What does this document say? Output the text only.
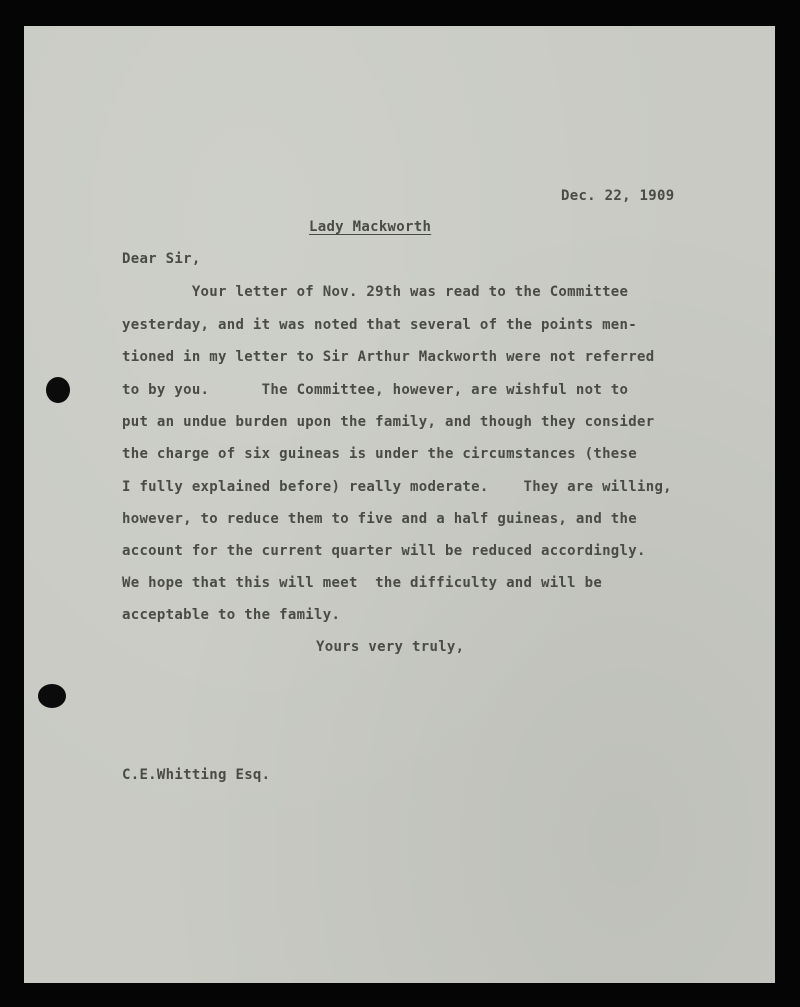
Dec. 22, 1909
Lady Mackworth
Dear Sir,
Your letter of Nov. 29th was read to the Committee
yesterday, and it was noted that several of the points men-
tioned in my letter to Sir Arthur Mackworth were not referred
to by you.      The Committee, however, are wishful not to
put an undue burden upon the family, and though they consider
the charge of six guineas is under the circumstances (these
I fully explained before) really moderate.    They are willing,
however, to reduce them to five and a half guineas, and the
account for the current quarter will be reduced accordingly.
We hope that this will meet  the difficulty and will be
acceptable to the family.
Yours very truly,
C.E.Whitting Esq.
